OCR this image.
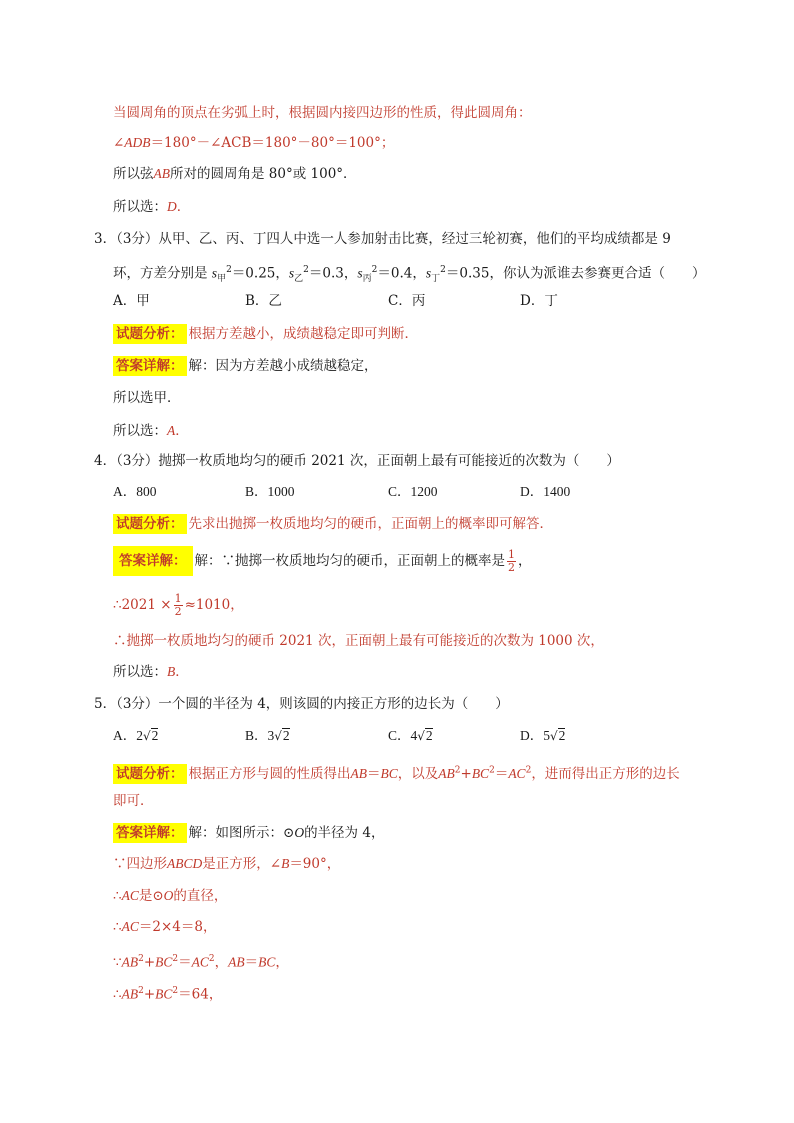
当圆周角的顶点在劣弧上时，根据圆内接四边形的性质，得此圆周角：
∠ADB＝180°－∠ACB＝180°－80°＝100°；
所以弦AB所对的圆周角是 80°或 100°．
所以选：D．
3．（3分）从甲、乙、丙、丁四人中选一人参加射击比赛，经过三轮初赛，他们的平均成绩都是 9
环，方差分别是 $s_甲^2=0.25$，$s_乙^2=0.3$，$s_丙^2=0.4$，$s_丁^2=0.35$，你认为派谁去参赛更合适（　　）
A．甲	B．乙	C．丙	D．丁
试题分析： 根据方差越小，成绩越稳定即可判断．
答案详解： 解：因为方差越小成绩越稳定，
所以选甲．
所以选：A．
4．（3分）抛掷一枚质地均匀的硬币 2021 次，正面朝上最有可能接近的次数为（　　）
A．800	B．1000	C．1200	D．1400
试题分析： 先求出抛掷一枚质地均匀的硬币，正面朝上的概率即可解答．
答案详解： 解：∵抛掷一枚质地均匀的硬币，正面朝上的概率是 $\frac{1}{2}$ ，
∴2021 × $\frac{1}{2} \approx 1010$，
∴抛掷一枚质地均匀的硬币 2021 次，正面朝上最有可能接近的次数为 1000 次，
所以选：B．
5．（3分）一个圆的半径为 4，则该圆的内接正方形的边长为（　　）
A．2√2	B．3√2	C．4√2	D．5√2
试题分析： 根据正方形与圆的性质得出AB＝BC，以及$AB^2+BC^2=AC^2$，进而得出正方形的边长
即可．
答案详解： 解：如图所示：⊙O的半径为 4，
∵四边形ABCD是正方形，∠B＝90°，
∴AC是⊙O的直径，
∴AC＝2×4＝8，
$\because AB^2+BC^2=AC^2$，AB＝BC，
$\therefore AB^2+BC^2=64$，
